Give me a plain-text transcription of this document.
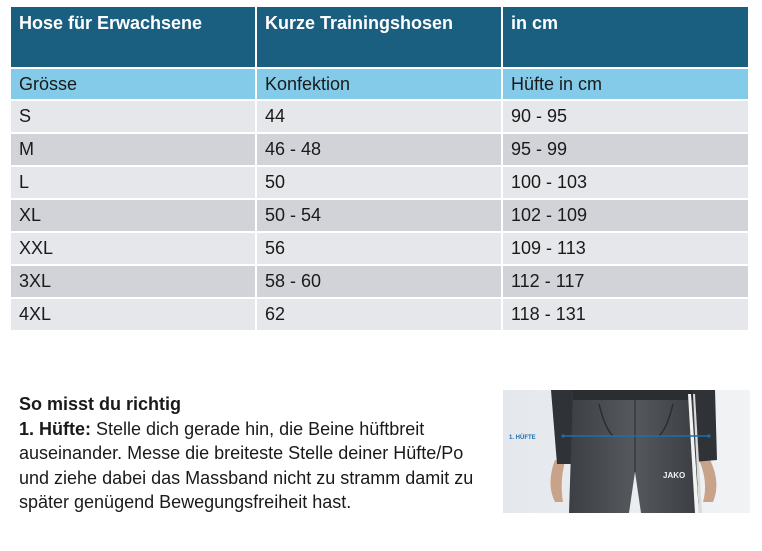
Hose für Erwachsene	Kurze Trainingshosen	in cm
Grösse	Konfektion	Hüfte in cm
S	44	90 - 95
M	46 - 48	95 - 99
L	50	100 - 103
XL	50 - 54	102 - 109
XXL	56	109 - 113
3XL	58 - 60	112 - 117
4XL	62	118 - 131
So misst du richtig
1. Hüfte: Stelle dich gerade hin, die Beine hüftbreit auseinander. Messe die breiteste Stelle deiner Hüfte/Po und ziehe dabei das Massband nicht zu stramm damit zu später genügend Bewegungsfreiheit hast.
1. HÜFTE
JAKO
